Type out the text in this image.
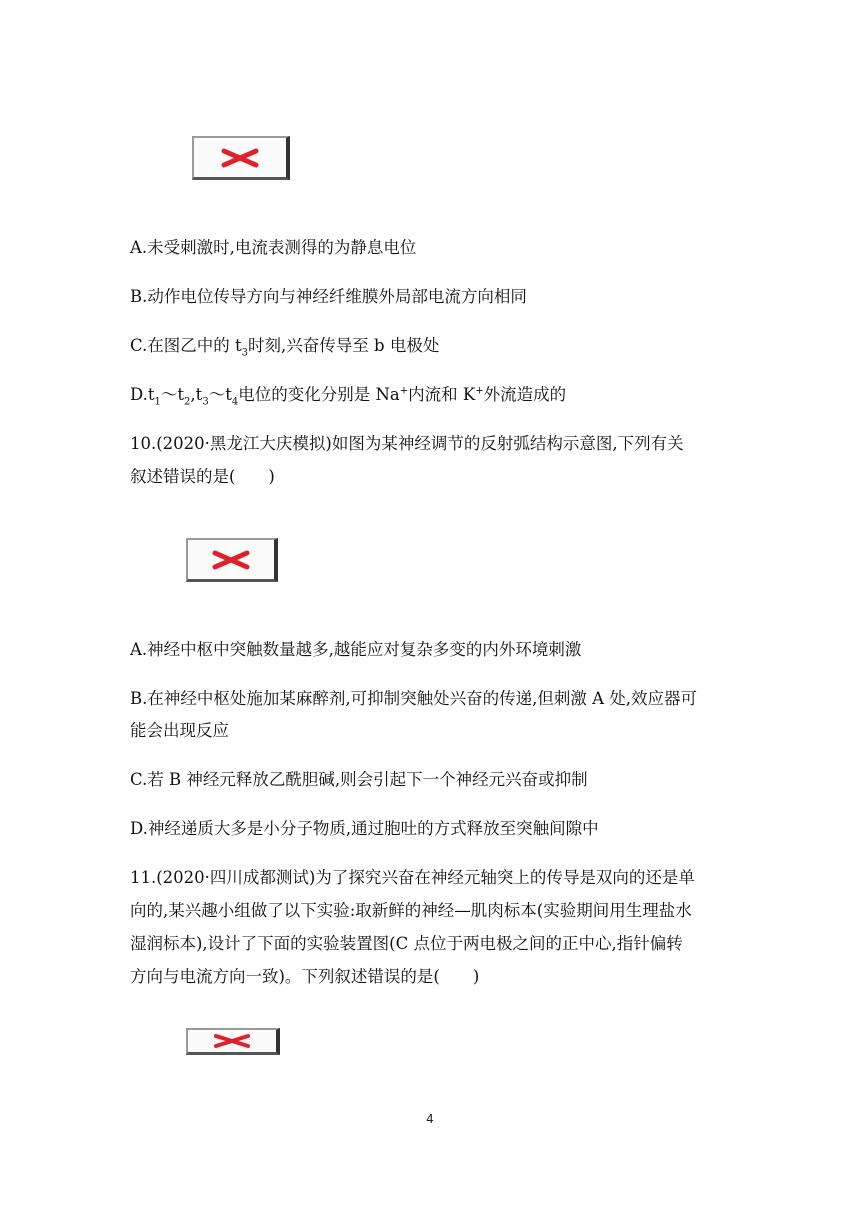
A.未受刺激时,电流表测得的为静息电位
B.动作电位传导方向与神经纤维膜外局部电流方向相同
C.在图乙中的 $t_3$时刻,兴奋传导至 b 电极处
$D.t_1\sim t_2,t_3\sim t_4$电位的变化分别是 Na+内流和 K+外流造成的
10.(2020·黑龙江大庆模拟)如图为某神经调节的反射弧结构示意图,下列有关
叙述错误的是(　　)
A.神经中枢中突触数量越多,越能应对复杂多变的内外环境刺激
B.在神经中枢处施加某麻醉剂,可抑制突触处兴奋的传递,但刺激 A 处,效应器可
能会出现反应
C.若 B 神经元释放乙酰胆碱,则会引起下一个神经元兴奋或抑制
D.神经递质大多是小分子物质,通过胞吐的方式释放至突触间隙中
11.(2020·四川成都测试)为了探究兴奋在神经元轴突上的传导是双向的还是单
向的,某兴趣小组做了以下实验:取新鲜的神经—肌肉标本(实验期间用生理盐水
湿润标本),设计了下面的实验装置图(C 点位于两电极之间的正中心,指针偏转
方向与电流方向一致)。下列叙述错误的是(　　)
4
